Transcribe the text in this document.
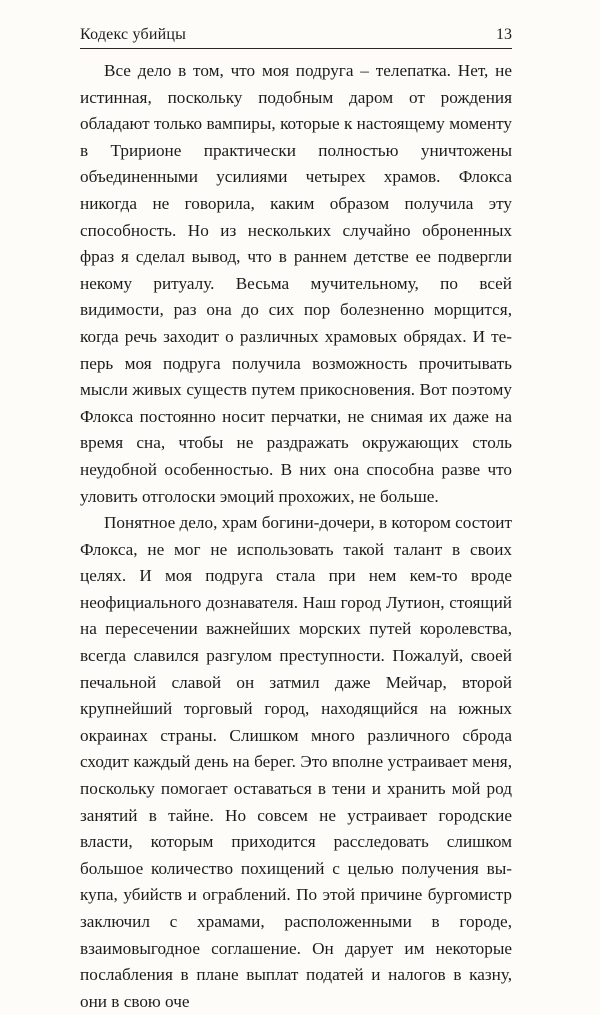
Кодекс убийцы	13

Все дело в том, что моя подруга – телепатка. Нет, не истинная, поскольку подобным даром от рождения обладают только вампиры, которые к настоящему моменту в Тририоне практически полностью уничтожены объединенными усилиями четырех храмов. Флокса никогда не говорила, каким образом получила эту способность. Но из нескольких случайно оброненных фраз я сделал вывод, что в раннем детстве ее подвергли некому ритуалу. Весьма мучительному, по всей видимости, раз она до сих пор болезненно морщится, когда речь заходит о различных храмовых обрядах. И теперь моя подруга получила возможность прочитывать мысли живых существ путем прикосновения. Вот поэтому Флокса постоянно носит перчатки, не снимая их даже на время сна, чтобы не раздражать окружающих столь неудобной особенностью. В них она способна разве что уловить отголоски эмоций прохожих, не больше.

Понятное дело, храм богини-дочери, в котором состоит Флокса, не мог не использовать такой талант в своих целях. И моя подруга стала при нем кем-то вроде неофициального дознавателя. Наш город Лутион, стоящий на пересечении важнейших морских путей королевства, всегда славился разгулом преступности. Пожалуй, своей печальной славой он затмил даже Мейчар, второй крупнейший торговый город, находящийся на южных окраинах страны. Слишком много различного сброда сходит каждый день на берег. Это вполне устраивает меня, поскольку помогает оставаться в тени и хранить мой род занятий в тайне. Но совсем не устраивает городские власти, которым приходится расследовать слишком большое количество похищений с целью получения выкупа, убийств и ограблений. По этой причине бургомистр заключил с храмами, расположенными в городе, взаимовыгодное соглашение. Он дарует им некоторые послабления в плане выплат податей и налогов в казну, они в свою оче
